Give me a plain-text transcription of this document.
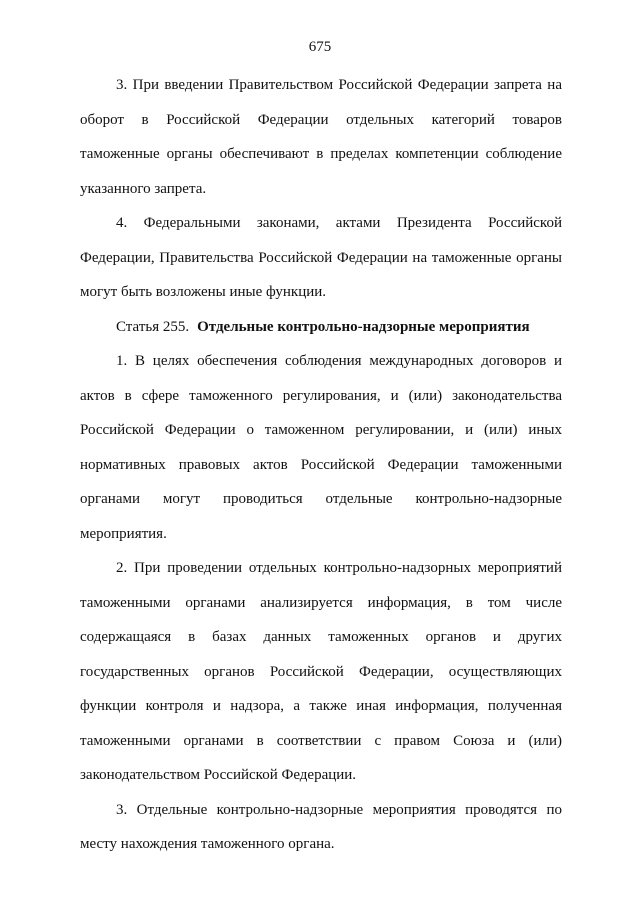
675

3. При введении Правительством Российской Федерации запрета на оборот в Российской Федерации отдельных категорий товаров таможенные органы обеспечивают в пределах компетенции соблюдение указанного запрета.

4. Федеральными законами, актами Президента Российской Федерации, Правительства Российской Федерации на таможенные органы могут быть возложены иные функции.

Статья 255. Отдельные контрольно-надзорные мероприятия

1. В целях обеспечения соблюдения международных договоров и актов в сфере таможенного регулирования, и (или) законодательства Российской Федерации о таможенном регулировании, и (или) иных нормативных правовых актов Российской Федерации таможенными органами могут проводиться отдельные контрольно-надзорные мероприятия.

2. При проведении отдельных контрольно-надзорных мероприятий таможенными органами анализируется информация, в том числе содержащаяся в базах данных таможенных органов и других государственных органов Российской Федерации, осуществляющих функции контроля и надзора, а также иная информация, полученная таможенными органами в соответствии с правом Союза и (или) законодательством Российской Федерации.

3. Отдельные контрольно-надзорные мероприятия проводятся по месту нахождения таможенного органа.
